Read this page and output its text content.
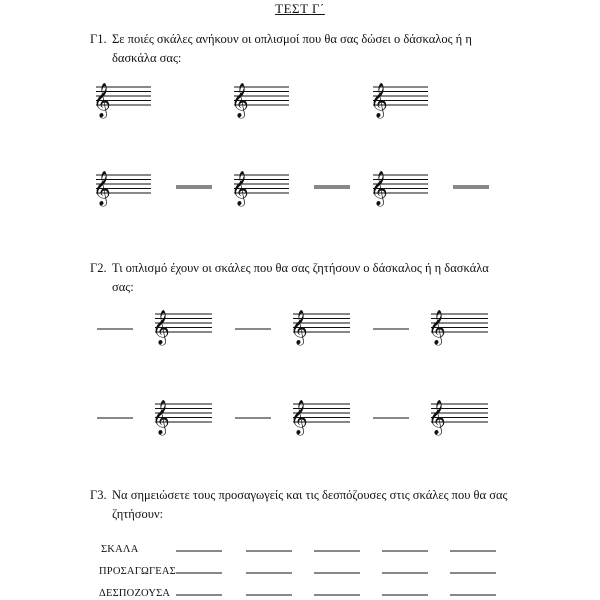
ΤΕΣΤ Γ΄
Γ1. Σε ποιές σκάλες ανήκουν οι οπλισμοί που θα σας δώσει ο δάσκαλος ή η
δασκάλα σας:
Γ2. Τι οπλισμό έχουν οι σκάλες που θα σας ζητήσουν ο δάσκαλος ή η δασκάλα
σας:
Γ3. Να σημειώσετε τους προσαγωγείς και τις δεσπόζουσες στις σκάλες που θα σας
ζητήσουν:
𝄞	𝄞	𝄞
𝄞	𝄞	𝄞
𝄞	𝄞	𝄞
𝄞	𝄞	𝄞
ΣΚΑΛΑ
ΠΡΟΣΑΓΩΓΕΑΣ
ΔΕΣΠΟΖΟΥΣΑ
